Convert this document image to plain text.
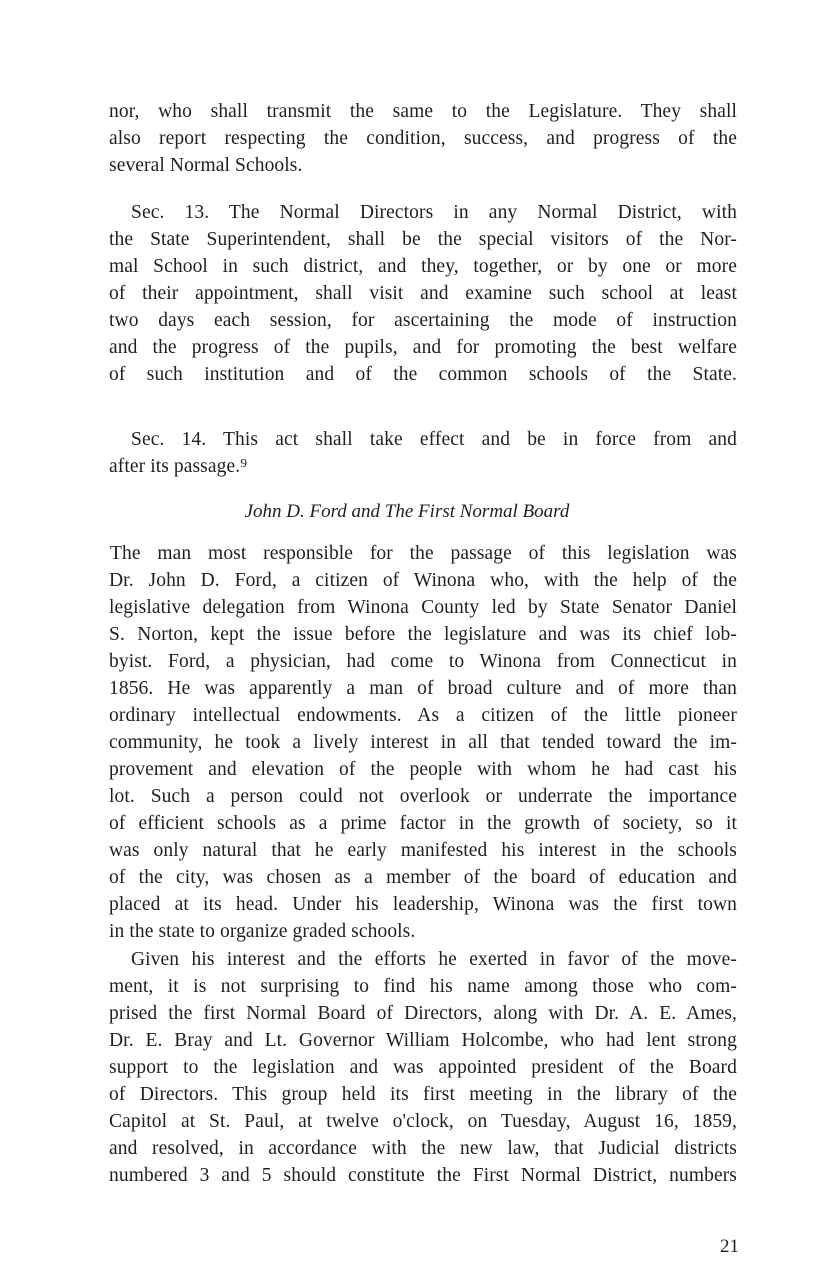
nor, who shall transmit the same to the Legislature. They shall
also report respecting the condition, success, and progress of the
several Normal Schools.
Sec. 13. The Normal Directors in any Normal District, with
the State Superintendent, shall be the special visitors of the Nor-
mal School in such district, and they, together, or by one or more
of their appointment, shall visit and examine such school at least
two days each session, for ascertaining the mode of instruction
and the progress of the pupils, and for promoting the best welfare
of such institution and of the common schools of the State.
Sec. 14. This act shall take effect and be in force from and
after its passage.⁹
John D. Ford and The First Normal Board
The man most responsible for the passage of this legislation was
Dr. John D. Ford, a citizen of Winona who, with the help of the
legislative delegation from Winona County led by State Senator Daniel
S. Norton, kept the issue before the legislature and was its chief lob-
byist. Ford, a physician, had come to Winona from Connecticut in
1856. He was apparently a man of broad culture and of more than
ordinary intellectual endowments. As a citizen of the little pioneer
community, he took a lively interest in all that tended toward the im-
provement and elevation of the people with whom he had cast his
lot. Such a person could not overlook or underrate the importance
of efficient schools as a prime factor in the growth of society, so it
was only natural that he early manifested his interest in the schools
of the city, was chosen as a member of the board of education and
placed at its head. Under his leadership, Winona was the first town
in the state to organize graded schools.
Given his interest and the efforts he exerted in favor of the move-
ment, it is not surprising to find his name among those who com-
prised the first Normal Board of Directors, along with Dr. A. E. Ames,
Dr. E. Bray and Lt. Governor William Holcombe, who had lent strong
support to the legislation and was appointed president of the Board
of Directors. This group held its first meeting in the library of the
Capitol at St. Paul, at twelve o'clock, on Tuesday, August 16, 1859,
and resolved, in accordance with the new law, that Judicial districts
numbered 3 and 5 should constitute the First Normal District, numbers
21
